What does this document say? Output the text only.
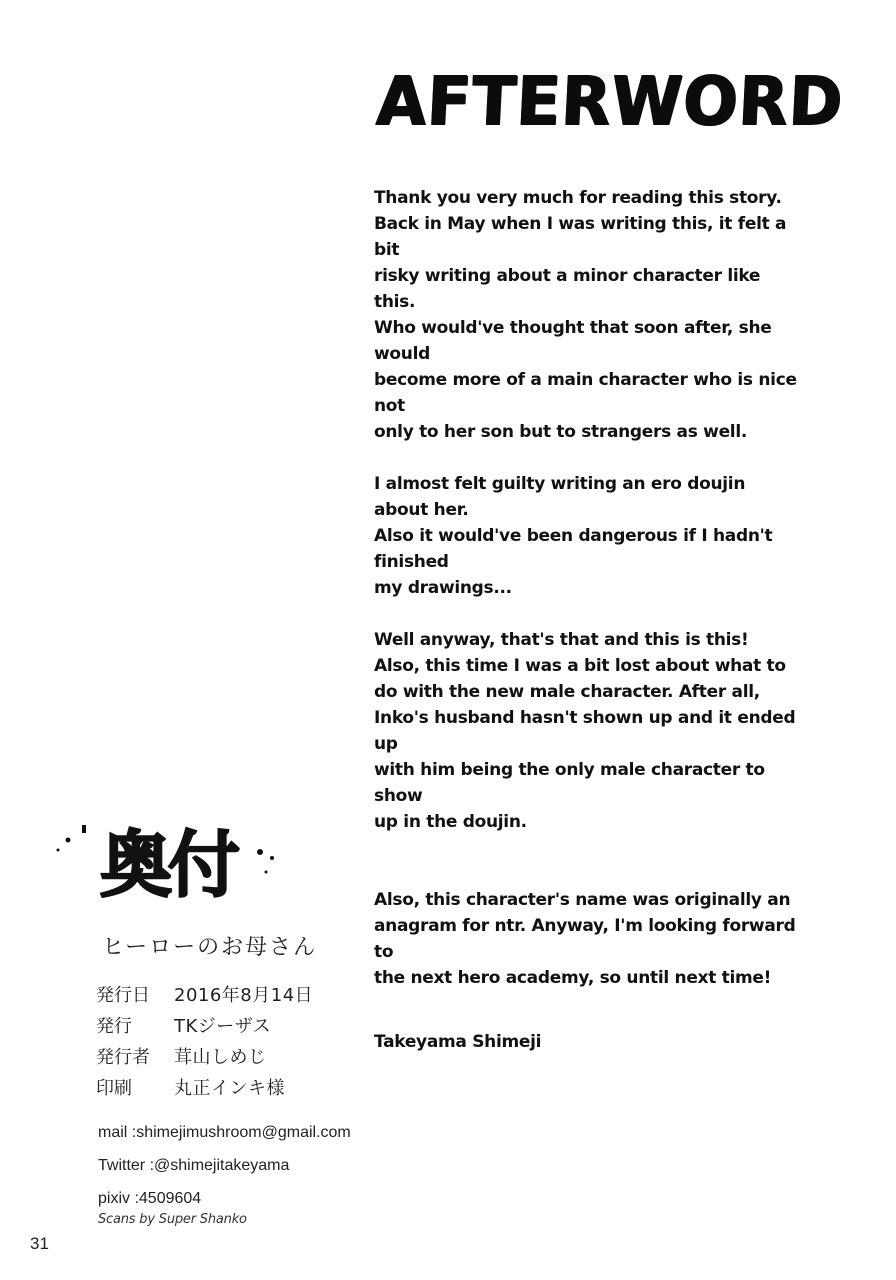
AFTERWORD

Thank you very much for reading this story.
Back in May when I was writing this, it felt a bit
risky writing about a minor character like this.
Who would've thought that soon after, she would
become more of a main character who is nice not
only to her son but to strangers as well.

I almost felt guilty writing an ero doujin about her.
Also it would've been dangerous if I hadn't finished
my drawings...

Well anyway, that's that and this is this!
Also, this time I was a bit lost about what to
do with the new male character. After all,
Inko's husband hasn't shown up and it ended up
with him being the only male character to show
up in the doujin.

Also, this character's name was originally an
anagram for ntr. Anyway, I'm looking forward to
the next hero academy, so until next time!

Takeyama Shimeji

奥付
ヒーローのお母さん
発行日	2016年8月14日
発行	TKジーザス
発行者	茸山しめじ
印刷	丸正インキ様
mail :shimejimushroom@gmail.com
Twitter :@shimejitakeyama
pixiv :4509604
Scans by Super Shanko
31
